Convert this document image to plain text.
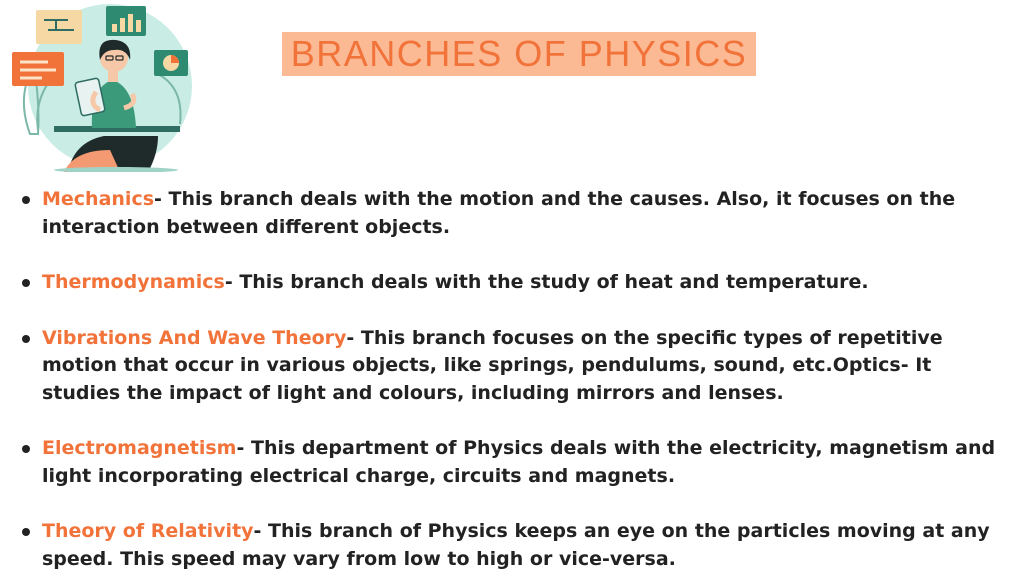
BRANCHES OF PHYSICS
Mechanics- This branch deals with the motion and the causes. Also, it focuses on the interaction between different objects.
Thermodynamics- This branch deals with the study of heat and temperature.
Vibrations And Wave Theory- This branch focuses on the specific types of repetitive motion that occur in various objects, like springs, pendulums, sound, etc.Optics- It studies the impact of light and colours, including mirrors and lenses.
Electromagnetism- This department of Physics deals with the electricity, magnetism and light incorporating electrical charge, circuits and magnets.
Theory of Relativity- This branch of Physics keeps an eye on the particles moving at any speed. This speed may vary from low to high or vice-versa.
